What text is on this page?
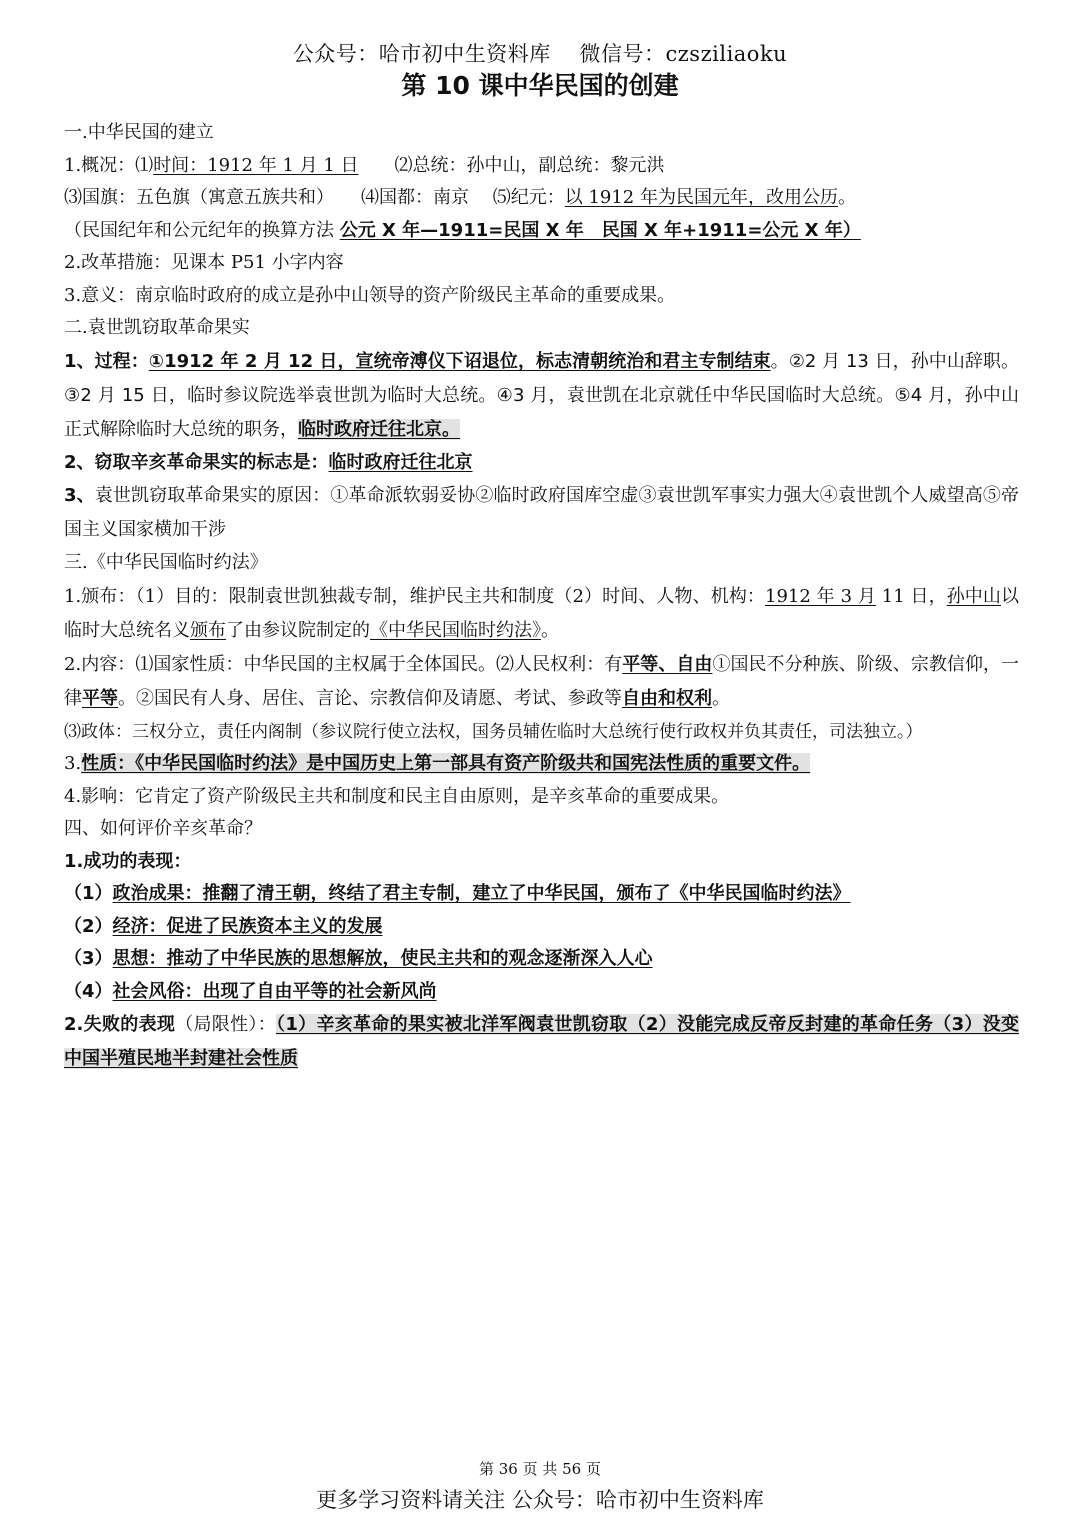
公众号：哈市初中生资料库　 微信号：czsziliaoku
第 10 课中华民国的创建
一.中华民国的建立
1.概况：⑴时间：1912 年 1 月 1 日　　⑵总统：孙中山，副总统：黎元洪
⑶国旗：五色旗（寓意五族共和）　　⑷国都：南京　 ⑸纪元：以 1912 年为民国元年，改用公历。
（民国纪年和公元纪年的换算方法 公元 X 年—1911=民国 X 年　民国 X 年+1911=公元 X 年）
2.改革措施：见课本 P51 小字内容
3.意义：南京临时政府的成立是孙中山领导的资产阶级民主革命的重要成果。
二.袁世凯窃取革命果实
1、过程：①1912 年 2 月 12 日，宣统帝溥仪下诏退位，标志清朝统治和君主专制结束。②2 月 13 日，孙中山辞职。③2 月 15 日，临时参议院选举袁世凯为临时大总统。④3 月，袁世凯在北京就任中华民国临时大总统。⑤4 月，孙中山正式解除临时大总统的职务，临时政府迁往北京。
2、窃取辛亥革命果实的标志是：临时政府迁往北京
3、袁世凯窃取革命果实的原因：①革命派软弱妥协②临时政府国库空虚③袁世凯军事实力强大④袁世凯个人威望高⑤帝国主义国家横加干涉
三.《中华民国临时约法》
1.颁布：（1）目的：限制袁世凯独裁专制，维护民主共和制度（2）时间、人物、机构：1912 年 3 月 11 日，孙中山以临时大总统名义颁布了由参议院制定的《中华民国临时约法》。
2.内容：⑴国家性质：中华民国的主权属于全体国民。⑵人民权利：有平等、自由①国民不分种族、阶级、宗教信仰，一律平等。②国民有人身、居住、言论、宗教信仰及请愿、考试、参政等自由和权利。
⑶政体：三权分立，责任内阁制（参议院行使立法权，国务员辅佐临时大总统行使行政权并负其责任，司法独立。）
3.性质：《中华民国临时约法》是中国历史上第一部具有资产阶级共和国宪法性质的重要文件。
4.影响：它肯定了资产阶级民主共和制度和民主自由原则，是辛亥革命的重要成果。
四、如何评价辛亥革命？
1.成功的表现：
（1）政治成果：推翻了清王朝，终结了君主专制，建立了中华民国，颁布了《中华民国临时约法》
（2）经济：促进了民族资本主义的发展
（3）思想：推动了中华民族的思想解放，使民主共和的观念逐渐深入人心
（4）社会风俗：出现了自由平等的社会新风尚
2.失败的表现（局限性）：（1）辛亥革命的果实被北洋军阀袁世凯窃取（2）没能完成反帝反封建的革命任务（3）没变中国半殖民地半封建社会性质
第 36 页 共 56 页
更多学习资料请关注 公众号：哈市初中生资料库
